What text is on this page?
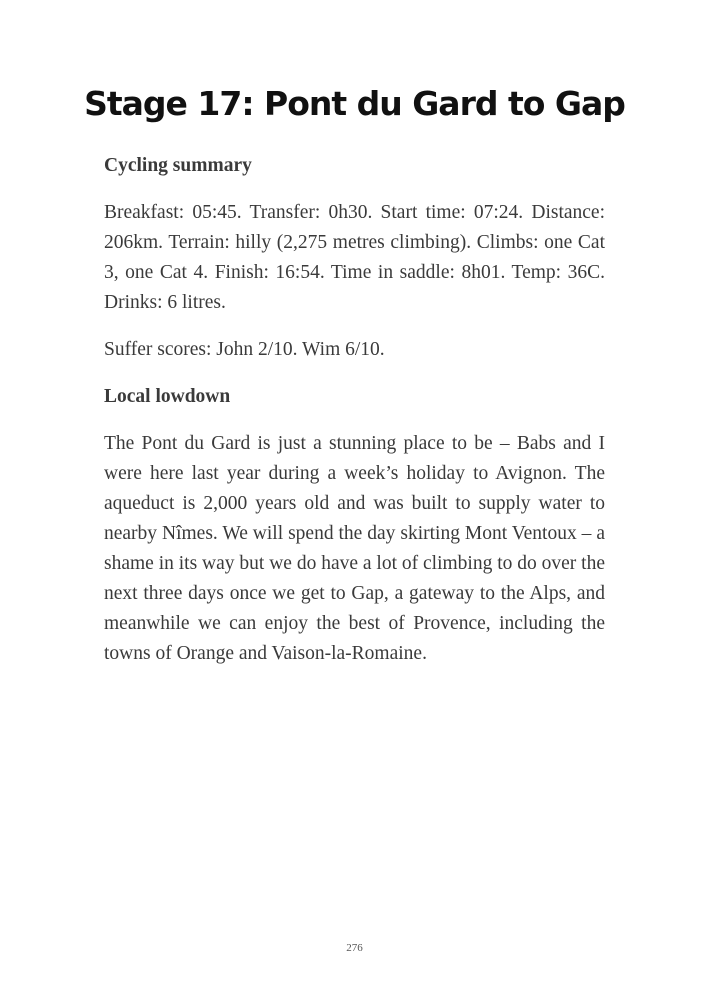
Stage 17: Pont du Gard to Gap
Cycling summary

Breakfast: 05:45. Transfer: 0h30. Start time: 07:24. Distance: 206km. Terrain: hilly (2,275 metres climbing). Climbs: one Cat 3, one Cat 4. Finish: 16:54. Time in saddle: 8h01. Temp: 36C. Drinks: 6 litres.

Suffer scores: John 2/10. Wim 6/10.

Local lowdown

The Pont du Gard is just a stunning place to be – Babs and I were here last year during a week’s holiday to Avignon. The aqueduct is 2,000 years old and was built to supply water to nearby Nîmes. We will spend the day skirting Mont Ventoux – a shame in its way but we do have a lot of climbing to do over the next three days once we get to Gap, a gateway to the Alps, and meanwhile we can enjoy the best of Provence, including the towns of Orange and Vaison-la-Romaine.

276
